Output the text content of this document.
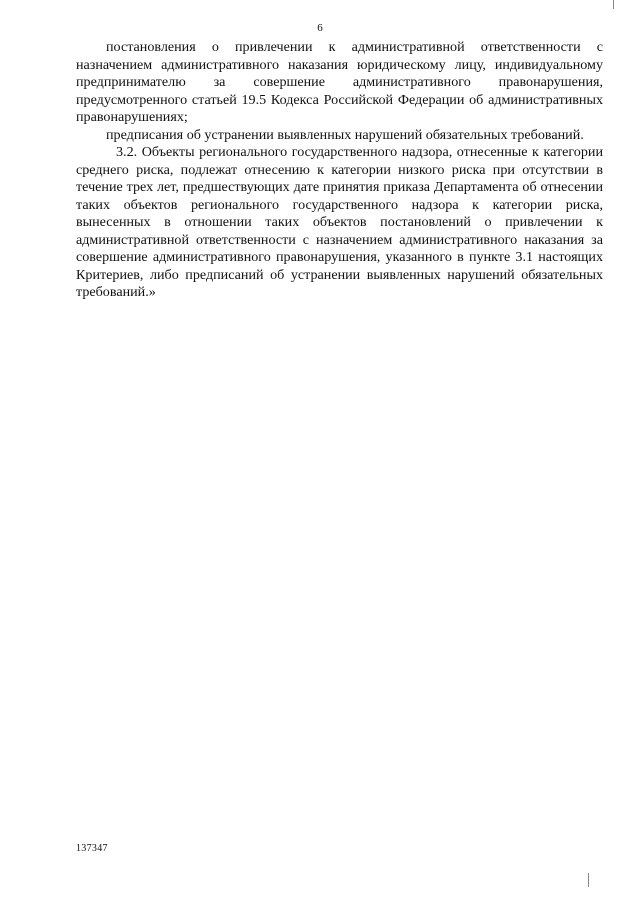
6

постановления о привлечении к административной ответственности с назначением административного наказания юридическому лицу, индивидуальному предпринимателю за совершение административного правонарушения, предусмотренного статьей 19.5 Кодекса Российской Федерации об административных правонарушениях;

предписания об устранении выявленных нарушений обязательных требований.

3.2. Объекты регионального государственного надзора, отнесенные к категории среднего риска, подлежат отнесению к категории низкого риска при отсутствии в течение трех лет, предшествующих дате принятия приказа Департамента об отнесении таких объектов регионального государственного надзора к категории риска, вынесенных в отношении таких объектов постановлений о привлечении к административной ответственности с назначением административного наказания за совершение административного правонарушения, указанного в пункте 3.1 настоящих Критериев, либо предписаний об устранении выявленных нарушений обязательных требований.»

137347
